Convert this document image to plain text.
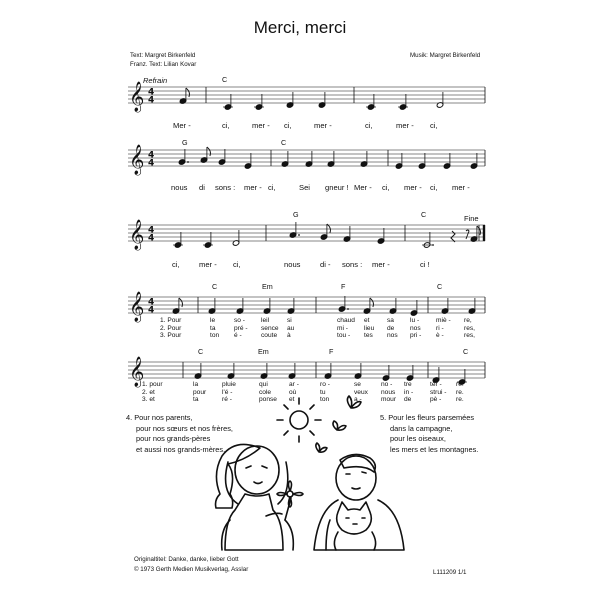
Merci, merci
Text: Margret Birkenfeld
Franz. Text: Lilian Kovar
Musik: Margret Birkenfeld
𝄞 4
4
𝄞 4
4
𝄞 4
4
𝄞 4
4
𝄞
Refrain	C
Mer -	ci,	mer - ci,	mer -	ci,	mer - ci,
G	C
nous di sons : mer - ci,	Sei gneur ! Mer - ci, mer - ci, mer -
Fine
G	C
ci,	mer - ci,	nous	di - sons : mer -	ci !
C	Em	F	C
1. Pour	le	so - leil	si	chaud et	sa lu -	miè - re,
2. Pour	ta	pré - sence au	mi - lieu de nos ri -	res,
3. Pour	ton é -	coute à	tou - tes nos pri - è -	res,
C	Em	F	C
1. pour	la	pluie	qui	ar -	ro -	se	no - tre	ter - re.
2. et	pour l'é -	cole	où	tu	veux nous in -	strui - re.
3. et	ta	ré -	ponse et	ton	a -	mour de	pè - re.
4. Pour nos parents,
pour nos sœurs et nos frères,
pour nos grands-pères
et aussi nos grands-mères.
5. Pour les fleurs parsemées
dans la campagne,
pour les oiseaux,
les mers et les montagnes.
Originaltitel: Danke, danke, lieber Gott
© 1973 Gerth Medien Musikverlag, Asslar	L111209 1/1
